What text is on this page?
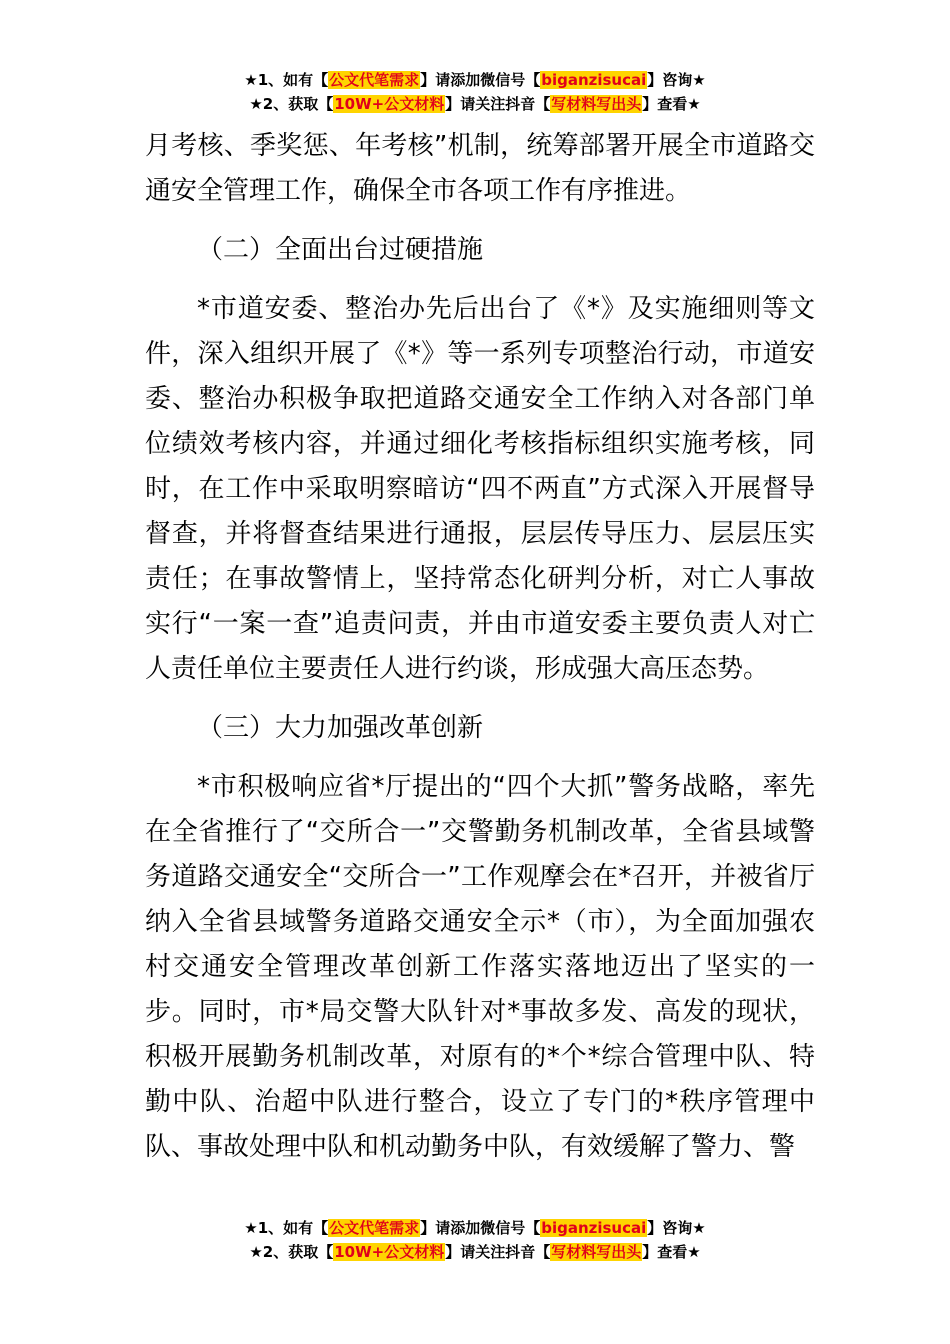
★1、如有【公文代笔需求】请添加微信号【biganzisucai】咨询★
★2、获取【10W+公文材料】请关注抖音【写材料写出头】查看★

月考核、季奖惩、年考核”机制，统筹部署开展全市道路交通安全管理工作，确保全市各项工作有序推进。

（二）全面出台过硬措施

*市道安委、整治办先后出台了《*》及实施细则等文件，深入组织开展了《*》等一系列专项整治行动，市道安委、整治办积极争取把道路交通安全工作纳入对各部门单位绩效考核内容，并通过细化考核指标组织实施考核，同时，在工作中采取明察暗访“四不两直”方式深入开展督导督查，并将督查结果进行通报，层层传导压力、层层压实责任；在事故警情上，坚持常态化研判分析，对亡人事故实行“一案一查”追责问责，并由市道安委主要负责人对亡人责任单位主要责任人进行约谈，形成强大高压态势。

（三）大力加强改革创新

*市积极响应省*厅提出的“四个大抓”警务战略，率先在全省推行了“交所合一”交警勤务机制改革，全省县域警务道路交通安全“交所合一”工作观摩会在*召开，并被省厅纳入全省县域警务道路交通安全示*（市），为全面加强农村交通安全管理改革创新工作落实落地迈出了坚实的一步。同时，市*局交警大队针对*事故多发、高发的现状，积极开展勤务机制改革，对原有的*个*综合管理中队、特勤中队、治超中队进行整合，设立了专门的*秩序管理中队、事故处理中队和机动勤务中队，有效缓解了警力、警

★1、如有【公文代笔需求】请添加微信号【biganzisucai】咨询★
★2、获取【10W+公文材料】请关注抖音【写材料写出头】查看★
